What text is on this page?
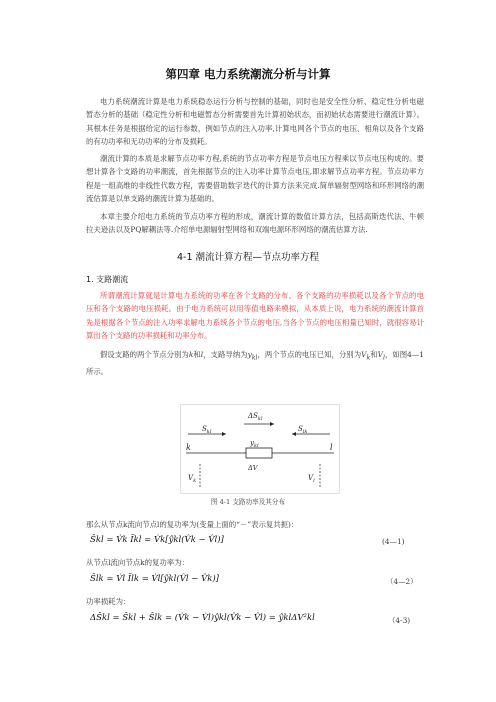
第四章 电力系统潮流分析与计算

电力系统潮流计算是电力系统稳态运行分析与控制的基础，同时也是安全性分析、稳定性分析电磁暂态分析的基础（稳定性分析和电磁暂态分析需要首先计算初始状态，而初始状态需要进行潮流计算）。其根本任务是根据给定的运行参数，例如节点的注入功率,计算电网各个节点的电压、相角以及各个支路的有功功率和无功功率的分布及损耗。

潮流计算的本质是求解节点功率方程,系统的节点功率方程是节点电压方程乘以节点电压构成的。要想计算各个支路的功率潮流，首先根据节点的注入功率计算节点电压,即求解节点功率方程。节点功率方程是一组高维的非线性代数方程，需要借助数字迭代的计算方法来完成.简单辐射型网络和环形网络的潮流估算是以单支路的潮流计算为基础的。

本章主要介绍电力系统的节点功率方程的形成，潮流计算的数值计算方法，包括高斯迭代法、牛顿拉夫逊法以及PQ解耦法等.介绍单电源辐射型网络和双端电源环形网络的潮流估算方法.

4-1 潮流计算方程—节点功率方程
1. 支路潮流

所谓潮流计算就是计算电力系统的功率在各个支路的分布、各个支路的功率损耗以及各个节点的电压和各个支路的电压损耗。由于电力系统可以用等值电路来模拟，从本质上说，电力系统的潮流计算首先是根据各个节点的注入功率求解电力系统各个节点的电压,当各个节点的电压相量已知时，就很容易计算出各个支路的功率损耗和功率分布。

假设支路的两个节点分别为k和l，支路导纳为$y_{kl}$，两个节点的电压已知，分别为$V_k$和$V_l$，如图4—1所示。

$\Delta S_{kl}$
$S_{kl}$	$S_{lk}$
k	l
$y_{kl}$
ΔV
$V_k$	$V_l$
图 4-1 支路功率及其分布
那么从节点k流向节点l的复功率为(变量上面的“－”表示复共扼)：
Ŝkl = V̇k Ĩkl = V̇k[ŷkl(V̂k − V̂l)]	(4—1)
从节点l流向节点k的复功率为：
Ŝlk = V̇l Ĩlk = V̇l[ŷkl(V̂l − V̂k)]	（4—2）
功率损耗为：
ΔŜkl = Ŝkl + Ŝlk = (V̇k − V̇l)ŷkl(V̂k − V̂l) = ŷklΔV²kl	（4-3)
